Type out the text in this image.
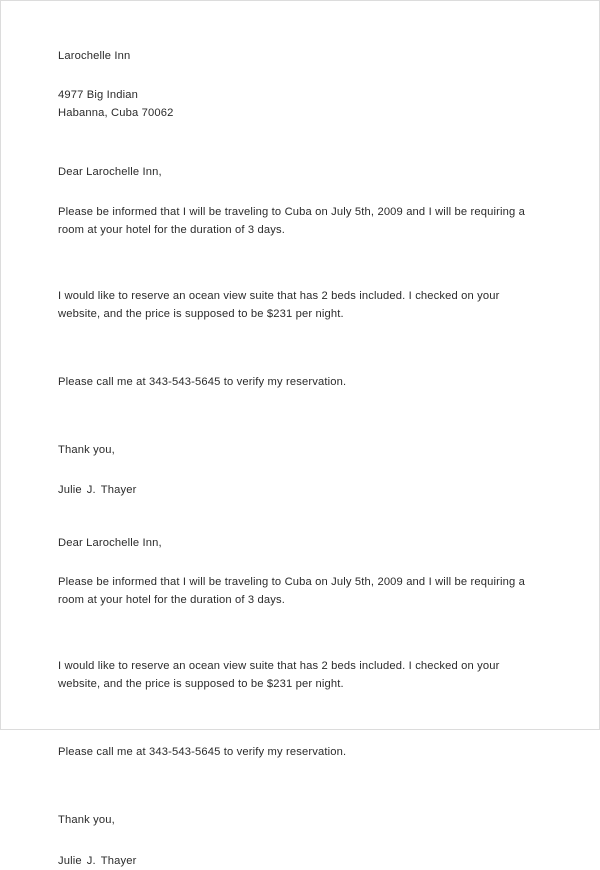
Larochelle Inn

4977 Big Indian
Habanna, Cuba 70062

Dear Larochelle Inn,

Please be informed that I will be traveling to Cuba on July 5th, 2009 and I will be requiring a room at your hotel for the duration of 3 days.

I would like to reserve an ocean view suite that has 2 beds included. I checked on your website, and the price is supposed to be $231 per night.

Please call me at 343-543-5645 to verify my reservation.

Thank you,

Julie J. Thayer

Dear Larochelle Inn,

Please be informed that I will be traveling to Cuba on July 5th, 2009 and I will be requiring a room at your hotel for the duration of 3 days.

I would like to reserve an ocean view suite that has 2 beds included. I checked on your website, and the price is supposed to be $231 per night.

Please call me at 343-543-5645 to verify my reservation.

Thank you,

Julie J. Thayer
